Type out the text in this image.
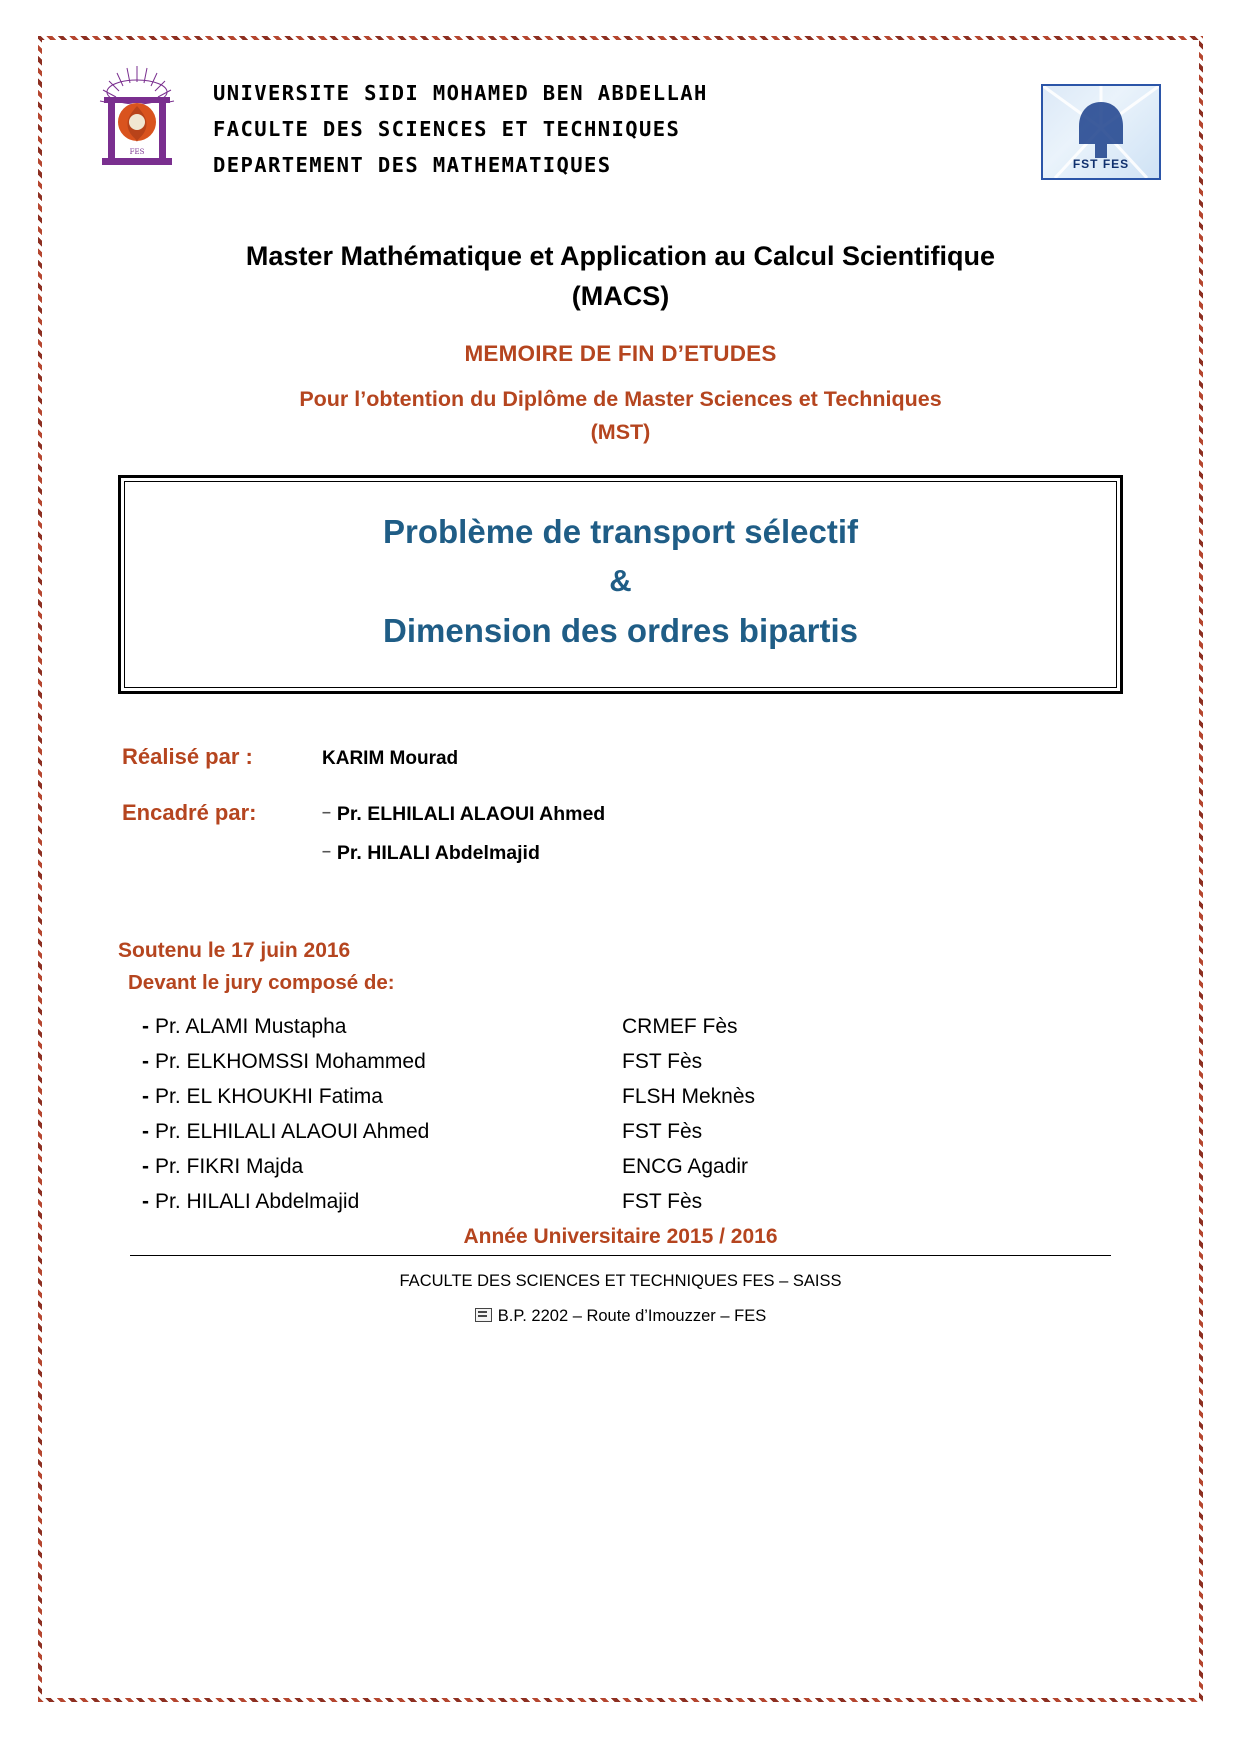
FES
UNIVERSITE SIDI MOHAMED BEN ABDELLAH
FACULTE DES SCIENCES ET TECHNIQUES
DEPARTEMENT DES MATHEMATIQUES	FST FES
Master Mathématique et Application au Calcul Scientifique
(MACS)
MEMOIRE DE FIN D’ETUDES
Pour l’obtention du Diplôme de Master Sciences et Techniques
(MST)
Problème de transport sélectif
&
Dimension des ordres bipartis
Réalisé par :	KARIM Mourad
Encadré par:	– Pr. ELHILALI ALAOUI Ahmed
– Pr. HILALI Abdelmajid
Soutenu le 17 juin 2016
Devant le jury composé de:
- Pr. ALAMI Mustapha	CRMEF Fès
- Pr. ELKHOMSSI Mohammed	FST Fès
- Pr. EL KHOUKHI Fatima	FLSH Meknès
- Pr. ELHILALI ALAOUI Ahmed	FST Fès
- Pr. FIKRI Majda	ENCG Agadir
- Pr. HILALI Abdelmajid	FST Fès
Année Universitaire 2015 / 2016
FACULTE DES SCIENCES ET TECHNIQUES FES – SAISS
B.P. 2202 – Route d’Imouzzer – FES
